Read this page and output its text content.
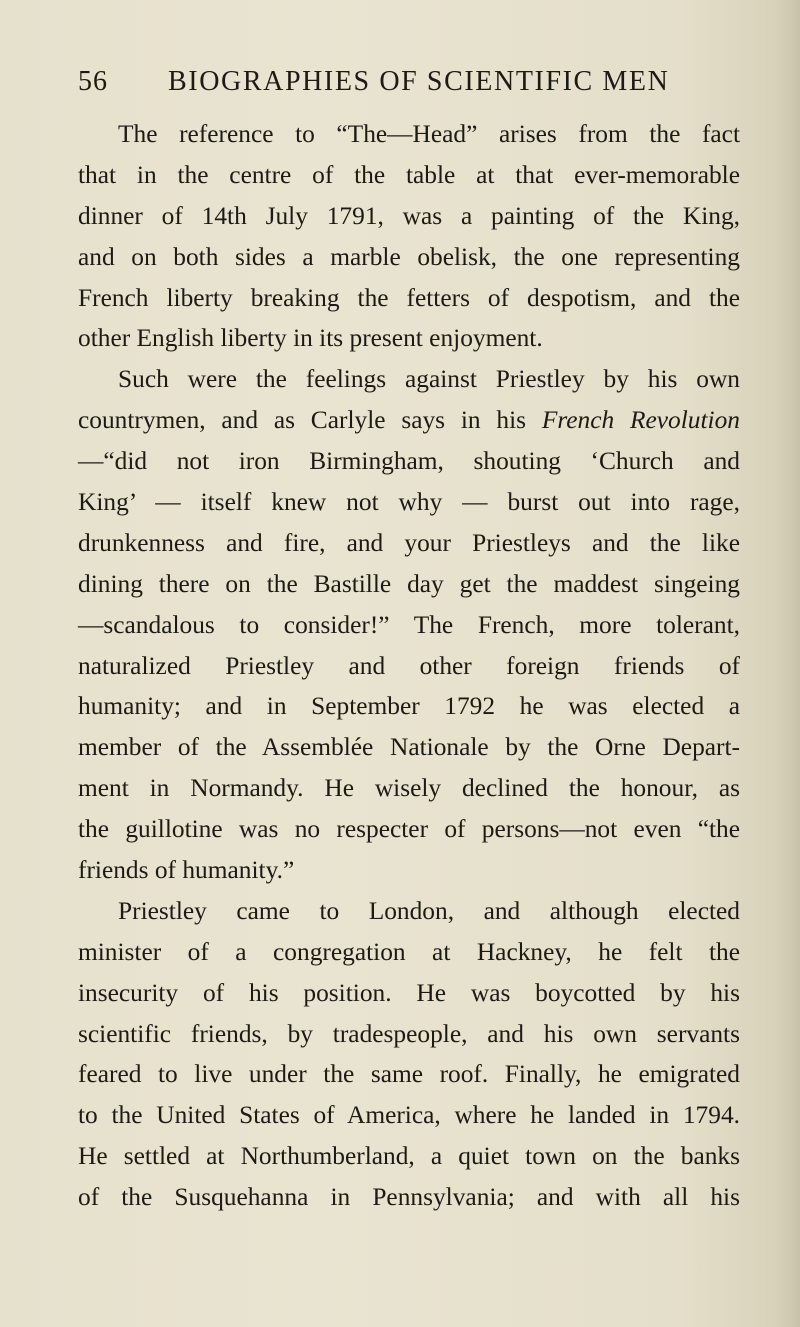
56 BIOGRAPHIES OF SCIENTIFIC MEN
The reference to “The—Head” arises from the fact
that in the centre of the table at that ever-memorable
dinner of 14th July 1791, was a painting of the King,
and on both sides a marble obelisk, the one representing
French liberty breaking the fetters of despotism, and the
other English liberty in its present enjoyment.
Such were the feelings against Priestley by his own
countrymen, and as Carlyle says in his French Revolution
—“did not iron Birmingham, shouting ‘Church and
King’ — itself knew not why — burst out into rage,
drunkenness and fire, and your Priestleys and the like
dining there on the Bastille day get the maddest singeing
—scandalous to consider!” The French, more tolerant,
naturalized Priestley and other foreign friends of
humanity; and in September 1792 he was elected a
member of the Assemblée Nationale by the Orne Depart-
ment in Normandy. He wisely declined the honour, as
the guillotine was no respecter of persons—not even “the
friends of humanity.”
Priestley came to London, and although elected
minister of a congregation at Hackney, he felt the
insecurity of his position. He was boycotted by his
scientific friends, by tradespeople, and his own servants
feared to live under the same roof. Finally, he emigrated
to the United States of America, where he landed in 1794.
He settled at Northumberland, a quiet town on the banks
of the Susquehanna in Pennsylvania; and with all his
